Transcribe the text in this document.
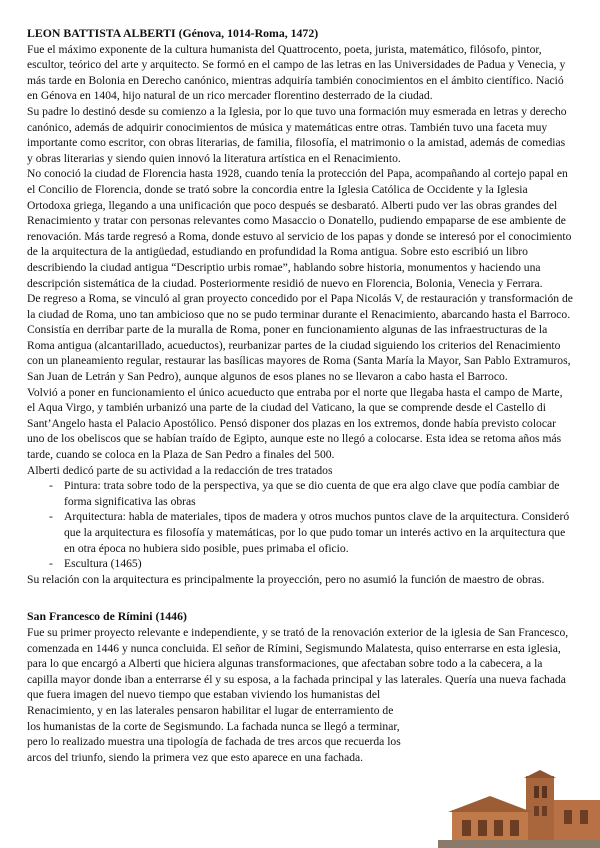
LEON BATTISTA ALBERTI (Génova, 1014-Roma, 1472)

Fue el máximo exponente de la cultura humanista del Quattrocento, poeta, jurista, matemático, filósofo, pintor, escultor, teórico del arte y arquitecto. Se formó en el campo de las letras en las Universidades de Padua y Venecia, y más tarde en Bolonia en Derecho canónico, mientras adquiría también conocimientos en el ámbito científico. Nació en Génova en 1404, hijo natural de un rico mercader florentino desterrado de la ciudad.

Su padre lo destinó desde su comienzo a la Iglesia, por lo que tuvo una formación muy esmerada en letras y derecho canónico, además de adquirir conocimientos de música y matemáticas entre otras. También tuvo una faceta muy importante como escritor, con obras literarias, de familia, filosofía, el matrimonio o la amistad, además de comedias y obras literarias y siendo quien innovó la literatura artística en el Renacimiento.

No conoció la ciudad de Florencia hasta 1928, cuando tenía la protección del Papa, acompañando al cortejo papal en el Concilio de Florencia, donde se trató sobre la concordia entre la Iglesia Católica de Occidente y la Iglesia Ortodoxa griega, llegando a una unificación que poco después se desbarató. Alberti pudo ver las obras grandes del Renacimiento y tratar con personas relevantes como Masaccio o Donatello, pudiendo empaparse de ese ambiente de renovación. Más tarde regresó a Roma, donde estuvo al servicio de los papas y donde se interesó por el conocimiento de la arquitectura de la antigüedad, estudiando en profundidad la Roma antigua. Sobre esto escribió un libro describiendo la ciudad antigua “Descriptio urbis romae”, hablando sobre historia, monumentos y haciendo una descripción sistemática de la ciudad. Posteriormente residió de nuevo en Florencia, Bolonia, Venecia y Ferrara.

De regreso a Roma, se vinculó al gran proyecto concedido por el Papa Nicolás V, de restauración y transformación de la ciudad de Roma, uno tan ambicioso que no se pudo terminar durante el Renacimiento, abarcando hasta el Barroco. Consistía en derribar parte de la muralla de Roma, poner en funcionamiento algunas de las infraestructuras de la Roma antigua (alcantarillado, acueductos), reurbanizar partes de la ciudad siguiendo los criterios del Renacimiento con un planeamiento regular, restaurar las basílicas mayores de Roma (Santa María la Mayor, San Pablo Extramuros, San Juan de Letrán y San Pedro), aunque algunos de esos planes no se llevaron a cabo hasta el Barroco.

Volvió a poner en funcionamiento el único acueducto que entraba por el norte que llegaba hasta el campo de Marte, el Aqua Virgo, y también urbanizó una parte de la ciudad del Vaticano, la que se comprende desde el Castello di Sant’Angelo hasta el Palacio Apostólico. Pensó disponer dos plazas en los extremos, donde había previsto colocar uno de los obeliscos que se habían traído de Egipto, aunque este no llegó a colocarse. Esta idea se retoma años más tarde, cuando se coloca en la Plaza de San Pedro a finales del 500.

Alberti dedicó parte de su actividad a la redacción de tres tratados

- Pintura: trata sobre todo de la perspectiva, ya que se dio cuenta de que era algo clave que podía cambiar de forma significativa las obras
- Arquitectura: habla de materiales, tipos de madera y otros muchos puntos clave de la arquitectura. Consideró que la arquitectura es filosofía y matemáticas, por lo que pudo tomar un interés activo en la arquitectura que en otra época no hubiera sido posible, pues primaba el oficio.
- Escultura (1465)

Su relación con la arquitectura es principalmente la proyección, pero no asumió la función de maestro de obras.

San Francesco de Rímini (1446)

Fue su primer proyecto relevante e independiente, y se trató de la renovación exterior de la iglesia de San Francesco, comenzada en 1446 y nunca concluida. El señor de Rímini, Segismundo Malatesta, quiso enterrarse en esta iglesia, para lo que encargó a Alberti que hiciera algunas transformaciones, que afectaban sobre todo a la cabecera, a la capilla mayor donde iban a enterrarse él y su esposa, a la fachada principal y las laterales. Quería una nueva fachada que fuera imagen del nuevo tiempo que estaban viviendo los humanistas del

Renacimiento, y en las laterales pensaron habilitar el lugar de enterramiento de los humanistas de la corte de Segismundo. La fachada nunca se llegó a terminar, pero lo realizado muestra una tipología de fachada de tres arcos que recuerda los arcos del triunfo, siendo la primera vez que esto aparece en una fachada.
